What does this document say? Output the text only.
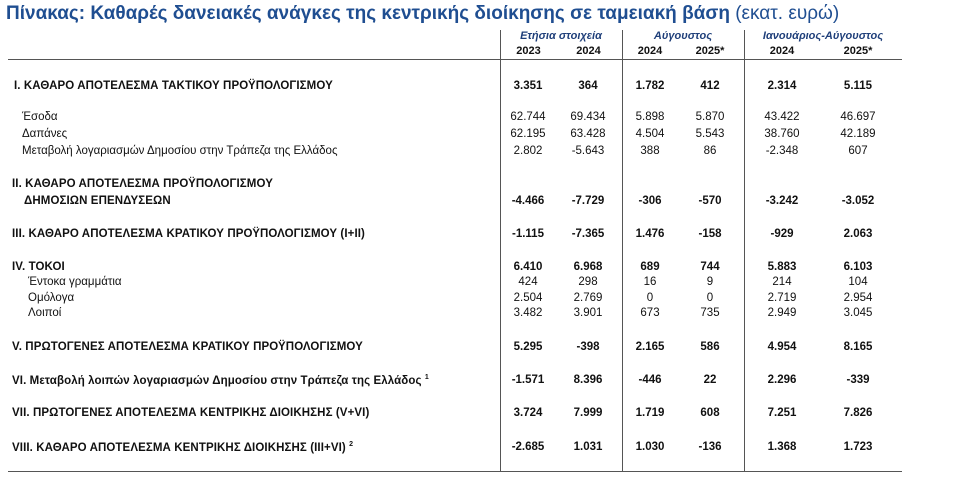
Πίνακας: Καθαρές δανειακές ανάγκες της κεντρικής διοίκησης σε ταμειακή βάση (εκατ. ευρώ)
Ετήσια στοιχεία	Αύγουστος	Ιανουάριος-Αύγουστος
2023	2024	2024	2025*	2024	2025*
I. ΚΑΘΑΡΟ ΑΠΟΤΕΛΕΣΜΑ ΤΑΚΤΙΚΟΥ ΠΡΟΫΠΟΛΟΓΙΣΜΟΥ	3.351	364	1.782	412	2.314	5.115
Έσοδα	62.744	69.434	5.898	5.870	43.422	46.697
Δαπάνες	62.195	63.428	4.504	5.543	38.760	42.189
Μεταβολή λογαριασμών Δημοσίου στην Τράπεζα της Ελλάδος	2.802	-5.643	388	86	-2.348	607
II. ΚΑΘΑΡΟ ΑΠΟΤΕΛΕΣΜΑ ΠΡΟΫΠΟΛΟΓΙΣΜΟΥ
ΔΗΜΟΣΙΩΝ ΕΠΕΝΔΥΣΕΩΝ	-4.466	-7.729	-306	-570	-3.242	-3.052
III. ΚΑΘΑΡΟ ΑΠΟΤΕΛΕΣΜΑ ΚΡΑΤΙΚΟΥ ΠΡΟΫΠΟΛΟΓΙΣΜΟΥ (I+II)	-1.115	-7.365	1.476	-158	-929	2.063
IV. ΤΟΚΟΙ	6.410	6.968	689	744	5.883	6.103
Έντοκα γραμμάτια	424	298	16	9	214	104
Ομόλογα	2.504	2.769	0	0	2.719	2.954
Λοιποί	3.482	3.901	673	735	2.949	3.045
V. ΠΡΩΤΟΓΕΝΕΣ ΑΠΟΤΕΛΕΣΜΑ ΚΡΑΤΙΚΟΥ ΠΡΟΫΠΟΛΟΓΙΣΜΟΥ	5.295	-398	2.165	586	4.954	8.165
VI. Μεταβολή λοιπών λογαριασμών Δημοσίου στην Τράπεζα της Ελλάδος $^1$	-1.571	8.396	-446	22	2.296	-339
VII. ΠΡΩΤΟΓΕΝΕΣ ΑΠΟΤΕΛΕΣΜΑ ΚΕΝΤΡΙΚΗΣ ΔΙΟΙΚΗΣΗΣ (V+VI)	3.724	7.999	1.719	608	7.251	7.826
VIII. ΚΑΘΑΡΟ ΑΠΟΤΕΛΕΣΜΑ ΚΕΝΤΡΙΚΗΣ ΔΙΟΙΚΗΣΗΣ (III+VI) $^2$	-2.685	1.031	1.030	-136	1.368	1.723
